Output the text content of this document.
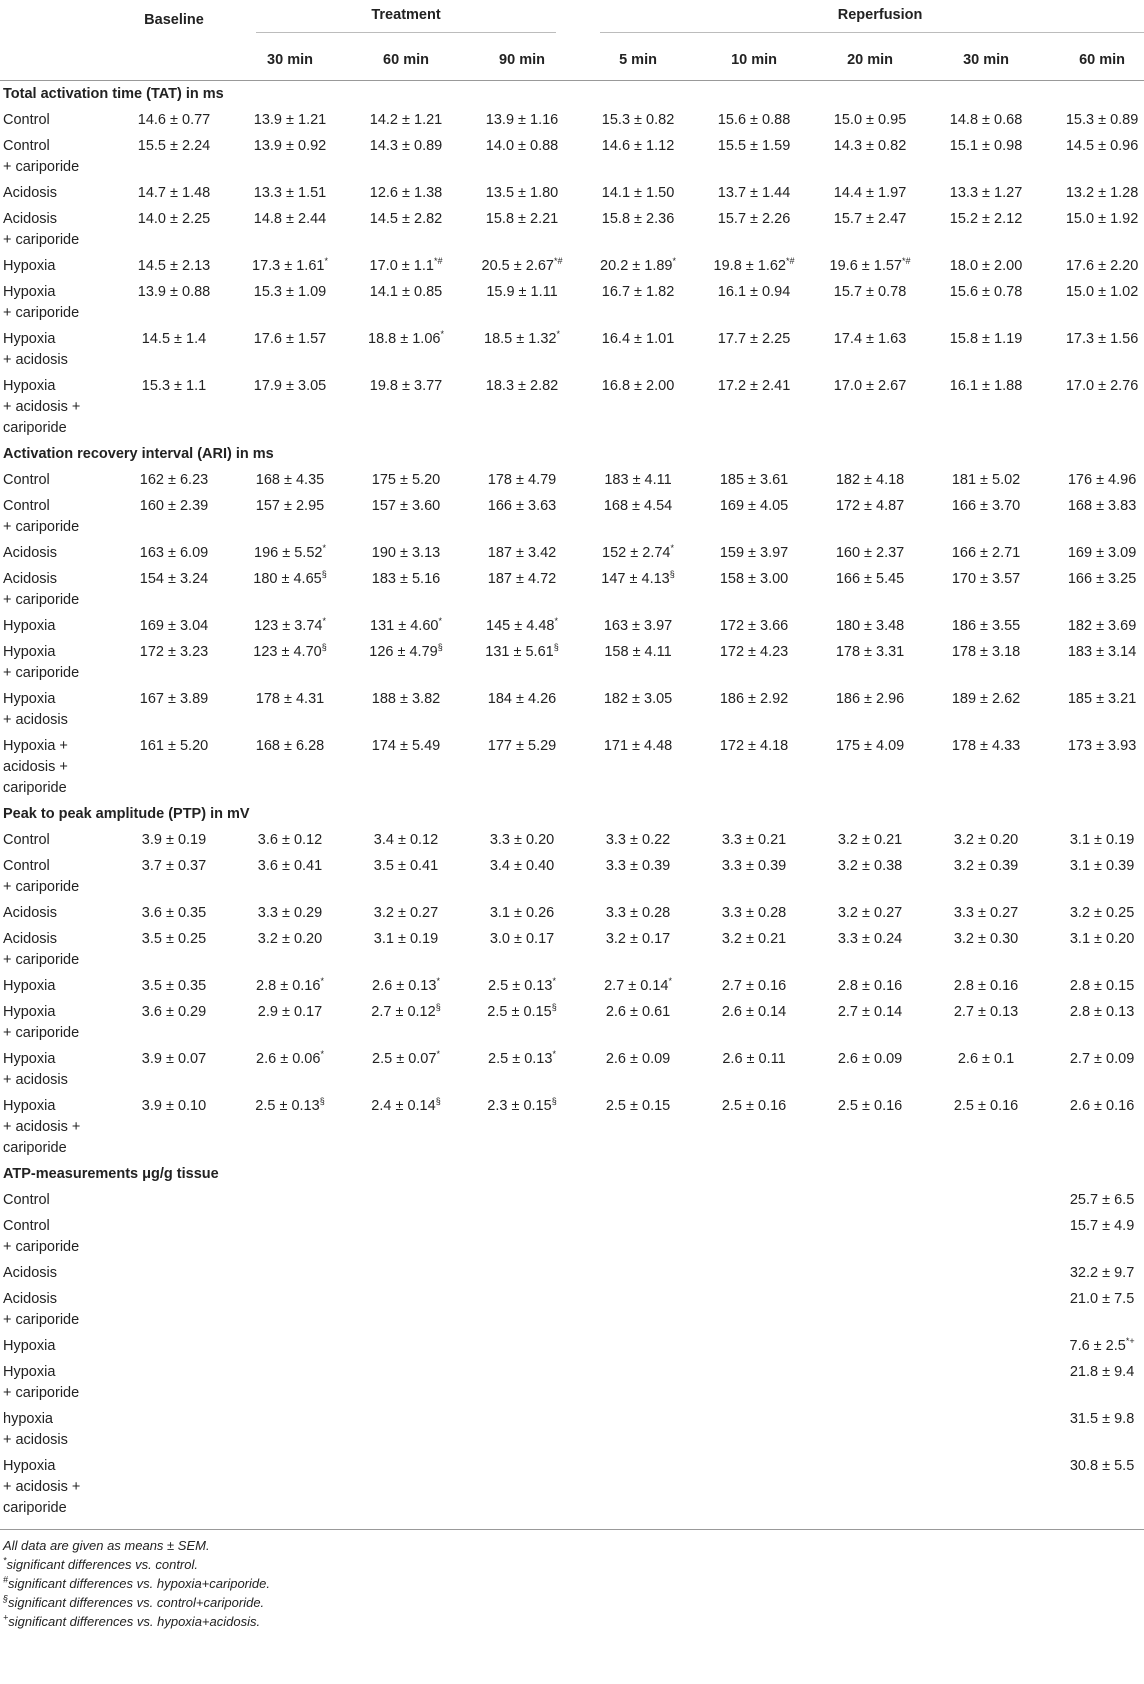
	Baseline	Treatment			Reperfusion				

		30 min	60 min	90 min	5 min	10 min	20 min	30 min	60 min
Total activation time (TAT) in ms									

Control	14.6 ± 0.77	13.9 ± 1.21	14.2 ± 1.21	13.9 ± 1.16	15.3 ± 0.82	15.6 ± 0.88	15.0 ± 0.95	14.8 ± 0.68	15.3 ± 0.89

Control
+ cariporide	15.5 ± 2.24	13.9 ± 0.92	14.3 ± 0.89	14.0 ± 0.88	14.6 ± 1.12	15.5 ± 1.59	14.3 ± 0.82	15.1 ± 0.98	14.5 ± 0.96

Acidosis	14.7 ± 1.48	13.3 ± 1.51	12.6 ± 1.38	13.5 ± 1.80	14.1 ± 1.50	13.7 ± 1.44	14.4 ± 1.97	13.3 ± 1.27	13.2 ± 1.28

Acidosis
+ cariporide	14.0 ± 2.25	14.8 ± 2.44	14.5 ± 2.82	15.8 ± 2.21	15.8 ± 2.36	15.7 ± 2.26	15.7 ± 2.47	15.2 ± 2.12	15.0 ± 1.92

Hypoxia	14.5 ± 2.13	17.3 ± 1.61*	17.0 ± 1.1*#	20.5 ± 2.67*#	20.2 ± 1.89*	19.8 ± 1.62*#	19.6 ± 1.57*#	18.0 ± 2.00	17.6 ± 2.20

Hypoxia
+ cariporide	13.9 ± 0.88	15.3 ± 1.09	14.1 ± 0.85	15.9 ± 1.11	16.7 ± 1.82	16.1 ± 0.94	15.7 ± 0.78	15.6 ± 0.78	15.0 ± 1.02

Hypoxia
+ acidosis	14.5 ± 1.4	17.6 ± 1.57	18.8 ± 1.06*	18.5 ± 1.32*	16.4 ± 1.01	17.7 ± 2.25	17.4 ± 1.63	15.8 ± 1.19	17.3 ± 1.56

Hypoxia
+ acidosis +
cariporide	15.3 ± 1.1	17.9 ± 3.05	19.8 ± 3.77	18.3 ± 2.82	16.8 ± 2.00	17.2 ± 2.41	17.0 ± 2.67	16.1 ± 1.88	17.0 ± 2.76
Activation recovery interval (ARI) in ms									

Control	162 ± 6.23	168 ± 4.35	175 ± 5.20	178 ± 4.79	183 ± 4.11	185 ± 3.61	182 ± 4.18	181 ± 5.02	176 ± 4.96

Control
+ cariporide	160 ± 2.39	157 ± 2.95	157 ± 3.60	166 ± 3.63	168 ± 4.54	169 ± 4.05	172 ± 4.87	166 ± 3.70	168 ± 3.83

Acidosis	163 ± 6.09	196 ± 5.52*	190 ± 3.13	187 ± 3.42	152 ± 2.74*	159 ± 3.97	160 ± 2.37	166 ± 2.71	169 ± 3.09

Acidosis
+ cariporide	154 ± 3.24	180 ± 4.65§	183 ± 5.16	187 ± 4.72	147 ± 4.13§	158 ± 3.00	166 ± 5.45	170 ± 3.57	166 ± 3.25

Hypoxia	169 ± 3.04	123 ± 3.74*	131 ± 4.60*	145 ± 4.48*	163 ± 3.97	172 ± 3.66	180 ± 3.48	186 ± 3.55	182 ± 3.69

Hypoxia
+ cariporide	172 ± 3.23	123 ± 4.70§	126 ± 4.79§	131 ± 5.61§	158 ± 4.11	172 ± 4.23	178 ± 3.31	178 ± 3.18	183 ± 3.14

Hypoxia
+ acidosis	167 ± 3.89	178 ± 4.31	188 ± 3.82	184 ± 4.26	182 ± 3.05	186 ± 2.92	186 ± 2.96	189 ± 2.62	185 ± 3.21

Hypoxia +
acidosis +
cariporide	161 ± 5.20	168 ± 6.28	174 ± 5.49	177 ± 5.29	171 ± 4.48	172 ± 4.18	175 ± 4.09	178 ± 4.33	173 ± 3.93
Peak to peak amplitude (PTP) in mV									

Control	3.9 ± 0.19	3.6 ± 0.12	3.4 ± 0.12	3.3 ± 0.20	3.3 ± 0.22	3.3 ± 0.21	3.2 ± 0.21	3.2 ± 0.20	3.1 ± 0.19

Control
+ cariporide	3.7 ± 0.37	3.6 ± 0.41	3.5 ± 0.41	3.4 ± 0.40	3.3 ± 0.39	3.3 ± 0.39	3.2 ± 0.38	3.2 ± 0.39	3.1 ± 0.39

Acidosis	3.6 ± 0.35	3.3 ± 0.29	3.2 ± 0.27	3.1 ± 0.26	3.3 ± 0.28	3.3 ± 0.28	3.2 ± 0.27	3.3 ± 0.27	3.2 ± 0.25

Acidosis
+ cariporide	3.5 ± 0.25	3.2 ± 0.20	3.1 ± 0.19	3.0 ± 0.17	3.2 ± 0.17	3.2 ± 0.21	3.3 ± 0.24	3.2 ± 0.30	3.1 ± 0.20

Hypoxia	3.5 ± 0.35	2.8 ± 0.16*	2.6 ± 0.13*	2.5 ± 0.13*	2.7 ± 0.14*	2.7 ± 0.16	2.8 ± 0.16	2.8 ± 0.16	2.8 ± 0.15

Hypoxia
+ cariporide	3.6 ± 0.29	2.9 ± 0.17	2.7 ± 0.12§	2.5 ± 0.15§	2.6 ± 0.61	2.6 ± 0.14	2.7 ± 0.14	2.7 ± 0.13	2.8 ± 0.13

Hypoxia
+ acidosis	3.9 ± 0.07	2.6 ± 0.06*	2.5 ± 0.07*	2.5 ± 0.13*	2.6 ± 0.09	2.6 ± 0.11	2.6 ± 0.09	2.6 ± 0.1	2.7 ± 0.09

Hypoxia
+ acidosis +
cariporide	3.9 ± 0.10	2.5 ± 0.13§	2.4 ± 0.14§	2.3 ± 0.15§	2.5 ± 0.15	2.5 ± 0.16	2.5 ± 0.16	2.5 ± 0.16	2.6 ± 0.16
ATP-measurements μg/g tissue									

Control									25.7 ± 6.5

Control
+ cariporide									15.7 ± 4.9

Acidosis									32.2 ± 9.7

Acidosis
+ cariporide									21.0 ± 7.5

Hypoxia									7.6 ± 2.5*+

Hypoxia
+ cariporide									21.8 ± 9.4

hypoxia
+ acidosis									31.5 ± 9.8

Hypoxia
+ acidosis +
cariporide									30.8 ± 5.5
All data are given as means ± SEM.
*significant differences vs. control.
#significant differences vs. hypoxia+cariporide.
§significant differences vs. control+cariporide.
+significant differences vs. hypoxia+acidosis.
